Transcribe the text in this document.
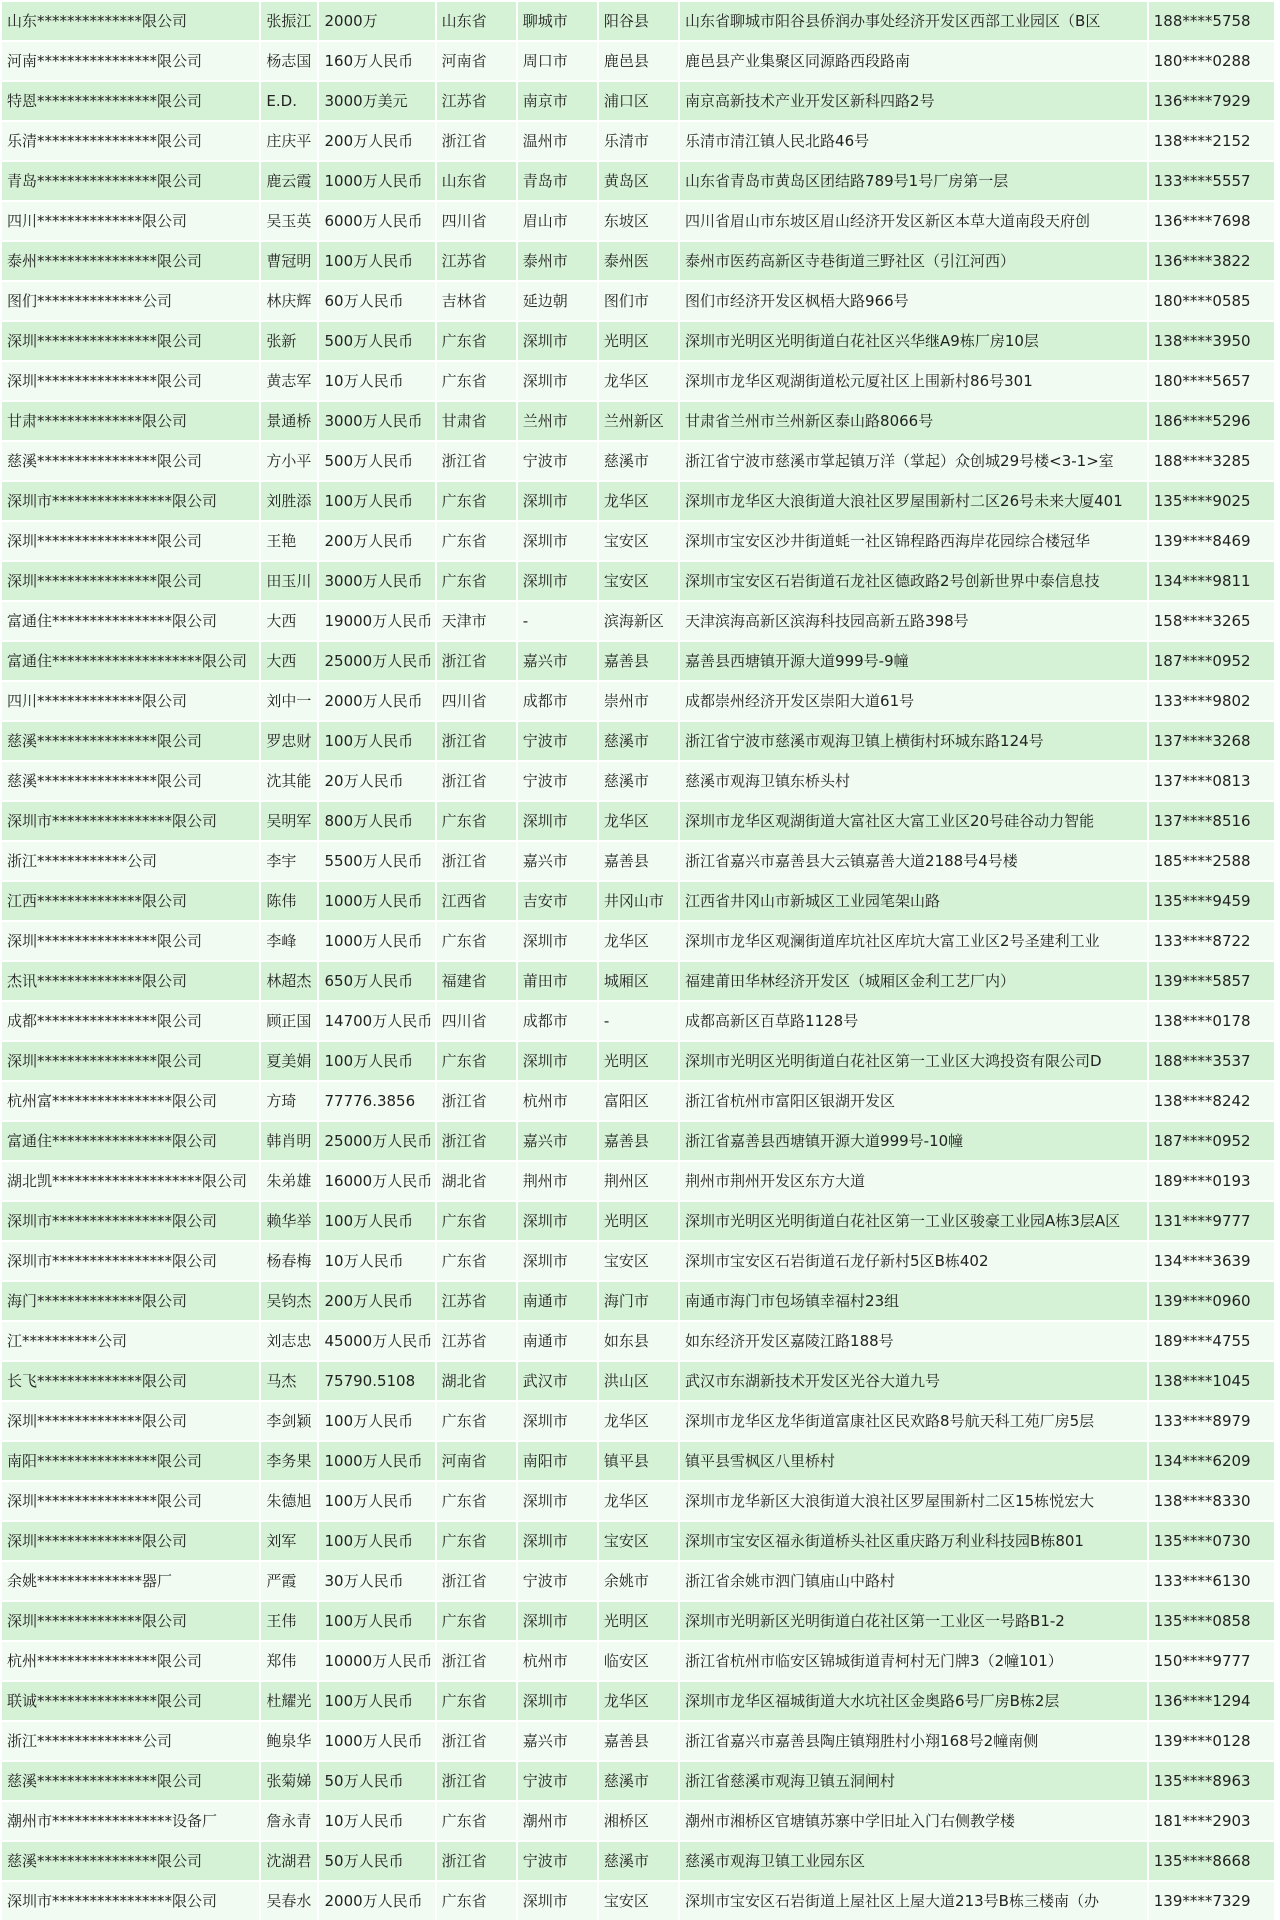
山东**************限公司	张振江	2000万	山东省	聊城市	阳谷县	山东省聊城市阳谷县侨润办事处经济开发区西部工业园区（B区	188****5758
河南****************限公司	杨志国	160万人民币	河南省	周口市	鹿邑县	鹿邑县产业集聚区同源路西段路南	180****0288
特恩****************限公司	E.D.	3000万美元	江苏省	南京市	浦口区	南京高新技术产业开发区新科四路2号	136****7929
乐清****************限公司	庄庆平	200万人民币	浙江省	温州市	乐清市	乐清市清江镇人民北路46号	138****2152
青岛****************限公司	鹿云霞	1000万人民币	山东省	青岛市	黄岛区	山东省青岛市黄岛区团结路789号1号厂房第一层	133****5557
四川**************限公司	吴玉英	6000万人民币	四川省	眉山市	东坡区	四川省眉山市东坡区眉山经济开发区新区本草大道南段天府创	136****7698
泰州****************限公司	曹冠明	100万人民币	江苏省	泰州市	泰州医	泰州市医药高新区寺巷街道三野社区（引江河西）	136****3822
图们**************公司	林庆辉	60万人民币	吉林省	延边朝	图们市	图们市经济开发区枫梧大路966号	180****0585
深圳****************限公司	张新	500万人民币	广东省	深圳市	光明区	深圳市光明区光明街道白花社区兴华继A9栋厂房10层	138****3950
深圳****************限公司	黄志军	10万人民币	广东省	深圳市	龙华区	深圳市龙华区观湖街道松元厦社区上围新村86号301	180****5657
甘肃**************限公司	景通桥	3000万人民币	甘肃省	兰州市	兰州新区	甘肃省兰州市兰州新区泰山路8066号	186****5296
慈溪****************限公司	方小平	500万人民币	浙江省	宁波市	慈溪市	浙江省宁波市慈溪市掌起镇万洋（掌起）众创城29号楼<3-1>室	188****3285
深圳市****************限公司	刘胜添	100万人民币	广东省	深圳市	龙华区	深圳市龙华区大浪街道大浪社区罗屋围新村二区26号未来大厦401	135****9025
深圳****************限公司	王艳	200万人民币	广东省	深圳市	宝安区	深圳市宝安区沙井街道蚝一社区锦程路西海岸花园综合楼冠华	139****8469
深圳****************限公司	田玉川	3000万人民币	广东省	深圳市	宝安区	深圳市宝安区石岩街道石龙社区德政路2号创新世界中泰信息技	134****9811
富通住****************限公司	大西	19000万人民币	天津市	-	滨海新区	天津滨海高新区滨海科技园高新五路398号	158****3265
富通住********************限公司	大西	25000万人民币	浙江省	嘉兴市	嘉善县	嘉善县西塘镇开源大道999号-9幢	187****0952
四川**************限公司	刘中一	2000万人民币	四川省	成都市	崇州市	成都崇州经济开发区崇阳大道61号	133****9802
慈溪****************限公司	罗忠财	100万人民币	浙江省	宁波市	慈溪市	浙江省宁波市慈溪市观海卫镇上横街村环城东路124号	137****3268
慈溪****************限公司	沈其能	20万人民币	浙江省	宁波市	慈溪市	慈溪市观海卫镇东桥头村	137****0813
深圳市****************限公司	吴明军	800万人民币	广东省	深圳市	龙华区	深圳市龙华区观湖街道大富社区大富工业区20号硅谷动力智能	137****8516
浙江************公司	李宇	5500万人民币	浙江省	嘉兴市	嘉善县	浙江省嘉兴市嘉善县大云镇嘉善大道2188号4号楼	185****2588
江西**************限公司	陈伟	1000万人民币	江西省	吉安市	井冈山市	江西省井冈山市新城区工业园笔架山路	135****9459
深圳****************限公司	李峰	1000万人民币	广东省	深圳市	龙华区	深圳市龙华区观澜街道库坑社区库坑大富工业区2号圣建利工业	133****8722
杰讯**************限公司	林超杰	650万人民币	福建省	莆田市	城厢区	福建莆田华林经济开发区（城厢区金利工艺厂内）	139****5857
成都****************限公司	顾正国	14700万人民币	四川省	成都市	-	成都高新区百草路1128号	138****0178
深圳****************限公司	夏美娟	100万人民币	广东省	深圳市	光明区	深圳市光明区光明街道白花社区第一工业区大鸿投资有限公司D	188****3537
杭州富****************限公司	方琦	77776.3856	浙江省	杭州市	富阳区	浙江省杭州市富阳区银湖开发区	138****8242
富通住****************限公司	韩肖明	25000万人民币	浙江省	嘉兴市	嘉善县	浙江省嘉善县西塘镇开源大道999号-10幢	187****0952
湖北凯********************限公司	朱弟雄	16000万人民币	湖北省	荆州市	荆州区	荆州市荆州开发区东方大道	189****0193
深圳市****************限公司	赖华举	100万人民币	广东省	深圳市	光明区	深圳市光明区光明街道白花社区第一工业区骏豪工业园A栋3层A区	131****9777
深圳市****************限公司	杨春梅	10万人民币	广东省	深圳市	宝安区	深圳市宝安区石岩街道石龙仔新村5区B栋402	134****3639
海门**************限公司	吴钧杰	200万人民币	江苏省	南通市	海门市	南通市海门市包场镇幸福村23组	139****0960
江**********公司	刘志忠	45000万人民币	江苏省	南通市	如东县	如东经济开发区嘉陵江路188号	189****4755
长飞**************限公司	马杰	75790.5108	湖北省	武汉市	洪山区	武汉市东湖新技术开发区光谷大道九号	138****1045
深圳**************限公司	李剑颖	100万人民币	广东省	深圳市	龙华区	深圳市龙华区龙华街道富康社区民欢路8号航天科工苑厂房5层	133****8979
南阳****************限公司	李务果	1000万人民币	河南省	南阳市	镇平县	镇平县雪枫区八里桥村	134****6209
深圳****************限公司	朱德旭	100万人民币	广东省	深圳市	龙华区	深圳市龙华新区大浪街道大浪社区罗屋围新村二区15栋悦宏大	138****8330
深圳**************限公司	刘军	100万人民币	广东省	深圳市	宝安区	深圳市宝安区福永街道桥头社区重庆路万利业科技园B栋801	135****0730
余姚**************器厂	严霞	30万人民币	浙江省	宁波市	余姚市	浙江省余姚市泗门镇庙山中路村	133****6130
深圳**************限公司	王伟	100万人民币	广东省	深圳市	光明区	深圳市光明新区光明街道白花社区第一工业区一号路B1-2	135****0858
杭州****************限公司	郑伟	10000万人民币	浙江省	杭州市	临安区	浙江省杭州市临安区锦城街道青柯村无门牌3（2幢101）	150****9777
联诚****************限公司	杜耀光	100万人民币	广东省	深圳市	龙华区	深圳市龙华区福城街道大水坑社区金奥路6号厂房B栋2层	136****1294
浙江**************公司	鲍泉华	1000万人民币	浙江省	嘉兴市	嘉善县	浙江省嘉兴市嘉善县陶庄镇翔胜村小翔168号2幢南侧	139****0128
慈溪****************限公司	张菊娣	50万人民币	浙江省	宁波市	慈溪市	浙江省慈溪市观海卫镇五洞闸村	135****8963
潮州市****************设备厂	詹永青	10万人民币	广东省	潮州市	湘桥区	潮州市湘桥区官塘镇苏寨中学旧址入门右侧教学楼	181****2903
慈溪****************限公司	沈湖君	50万人民币	浙江省	宁波市	慈溪市	慈溪市观海卫镇工业园东区	135****8668
深圳市****************限公司	吴春水	2000万人民币	广东省	深圳市	宝安区	深圳市宝安区石岩街道上屋社区上屋大道213号B栋三楼南（办	139****7329
